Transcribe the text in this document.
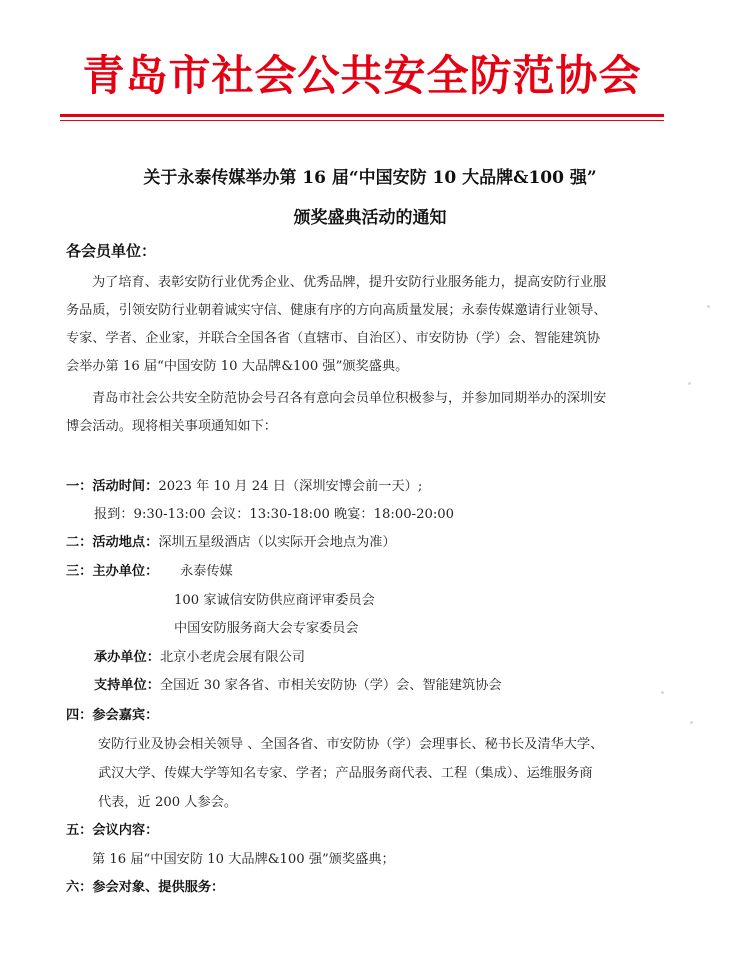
青岛市社会公共安全防范协会
关于永泰传媒举办第 16 届“中国安防 10 大品牌&100 强”
颁奖盛典活动的通知
各会员单位：
为了培育、表彰安防行业优秀企业、优秀品牌，提升安防行业服务能力，提高安防行业服
务品质，引领安防行业朝着诚实守信、健康有序的方向高质量发展；永泰传媒邀请行业领导、
专家、学者、企业家，并联合全国各省（直辖市、自治区）、市安防协（学）会、智能建筑协
会举办第 16 届“中国安防 10 大品牌&100 强”颁奖盛典。
青岛市社会公共安全防范协会号召各有意向会员单位积极参与，并参加同期举办的深圳安
博会活动。现将相关事项通知如下：
一：活动时间：2023 年 10 月 24 日（深圳安博会前一天）;
报到：9:30-13:00 会议：13:30-18:00 晚宴：18:00-20:00
二：活动地点：深圳五星级酒店（以实际开会地点为准）
三：主办单位： 永泰传媒
100 家诚信安防供应商评审委员会
中国安防服务商大会专家委员会
承办单位：北京小老虎会展有限公司
支持单位：全国近 30 家各省、市相关安防协（学）会、智能建筑协会
四：参会嘉宾：
安防行业及协会相关领导 、全国各省、市安防协（学）会理事长、秘书长及清华大学、
武汉大学、传媒大学等知名专家、学者；产品服务商代表、工程（集成）、运维服务商
代表，近 200 人参会。
五：会议内容：
第 16 届“中国安防 10 大品牌&100 强”颁奖盛典；
六：参会对象、提供服务：
